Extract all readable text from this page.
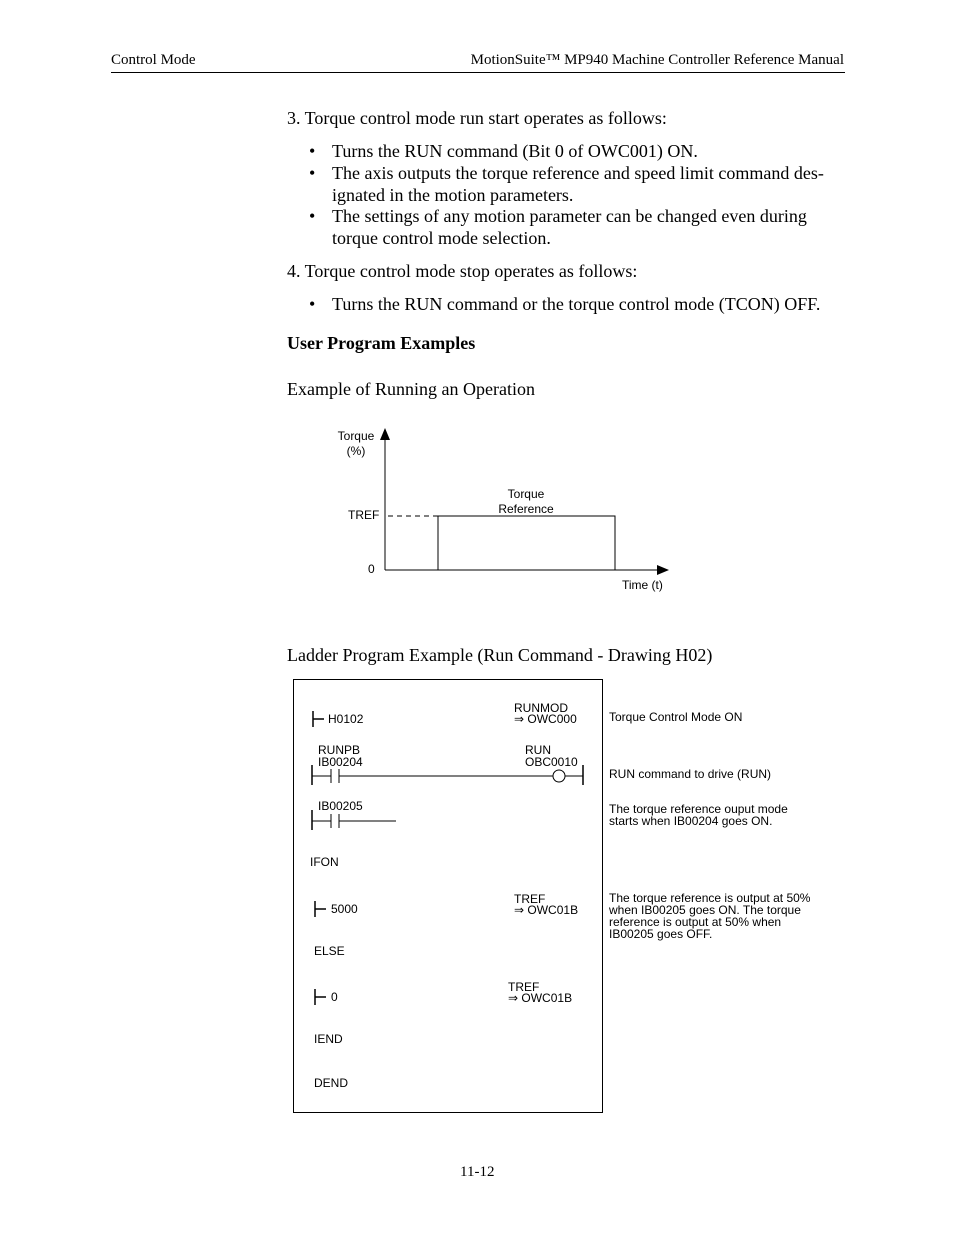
Control Mode	MotionSuite™ MP940 Machine Controller Reference Manual
3. Torque control mode run start operates as follows:
• Turns the RUN command (Bit 0 of OWC001) ON.
• The axis outputs the torque reference and speed limit command des-ignated in the motion parameters.
• The settings of any motion parameter can be changed even during torque control mode selection.
4. Torque control mode stop operates as follows:
• Turns the RUN command or the torque control mode (TCON) OFF.
User Program Examples
Example of Running an Operation
Torque
(%)
TREF
0
Time (t)
Torque
Reference
Ladder Program Example (Run Command - Drawing H02)
H0102
RUNMOD
⇒ OWC000
RUNPB
IB00204
RUN
OBC0010
IB00205
IFON
5000
TREF
⇒ OWC01B
ELSE
0
TREF
⇒ OWC01B
IEND
DEND
Torque Control Mode ON
RUN command to drive (RUN)
The torque reference ouput mode starts when IB00204 goes ON.
The torque reference is output at 50% when IB00205 goes ON. The torque reference is output at 50% when IB00205 goes OFF.
11-12
